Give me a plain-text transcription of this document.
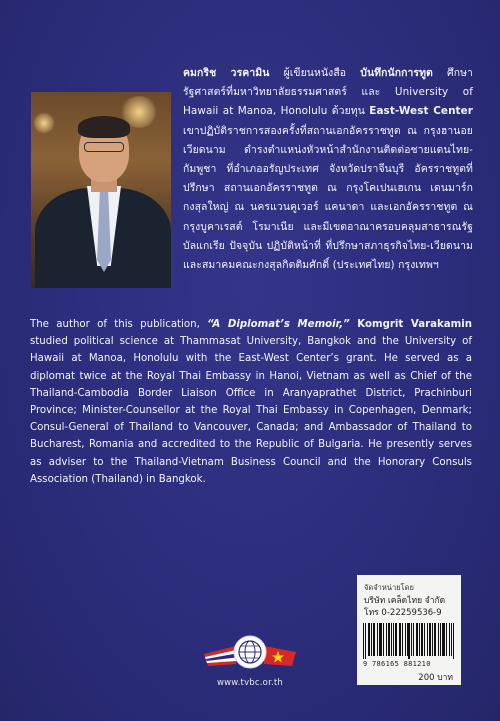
คมกริช วรคามิน ผู้เขียนหนังสือ บันทึกนักการทูต ศึกษารัฐศาสตร์ที่มหาวิทยาลัยธรรมศาสตร์ และ University of Hawaii at Manoa, Honolulu ด้วยทุน East-West Center เขาปฏิบัติราชการสองครั้งที่สถานเอกอัครราชทูต ณ กรุงฮานอย เวียดนาม ดำรงตำแหน่งหัวหน้าสำนักงานติดต่อชายแดนไทย-กัมพูชา ที่อำเภออรัญประเทศ จังหวัดปราจีนบุรี อัครราชทูตที่ปรึกษา สถานเอกอัครราชทูต ณ กรุงโคเปนเฮเกน เดนมาร์ก กงสุลใหญ่ ณ นครแวนคูเวอร์ แคนาดา และเอกอัครราชทูต ณ กรุงบูคาเรสต์ โรมาเนีย และมีเขตอาณาครอบคลุมสาธารณรัฐบัลแกเรีย ปัจจุบัน ปฏิบัติหน้าที่ ที่ปรึกษาสภาธุรกิจไทย-เวียดนาม และสมาคมคณะกงสุลกิตติมศักดิ์ (ประเทศไทย) กรุงเทพฯ
The author of this publication, “A Diplomat’s Memoir,” Komgrit Varakamin studied political science at Thammasat University, Bangkok and the University of Hawaii at Manoa, Honolulu with the East-West Center’s grant. He served as a diplomat twice at the Royal Thai Embassy in Hanoi, Vietnam as well as Chief of the Thailand-Cambodia Border Liaison Office in Aranyaprathet District, Prachinburi Province; Minister-Counsellor at the Royal Thai Embassy in Copenhagen, Denmark; Consul-General of Thailand to Vancouver, Canada; and Ambassador of Thailand to Bucharest, Romania and accredited to the Republic of Bulgaria. He presently serves as adviser to the Thailand-Vietnam Business Council and the Honorary Consuls Association (Thailand) in Bangkok.
จัดจำหน่ายโดย
บริษัท เคล็ดไทย จำกัด
โทร 0-22259536-9
9 786165 881210
200 บาท
www.tvbc.or.th
